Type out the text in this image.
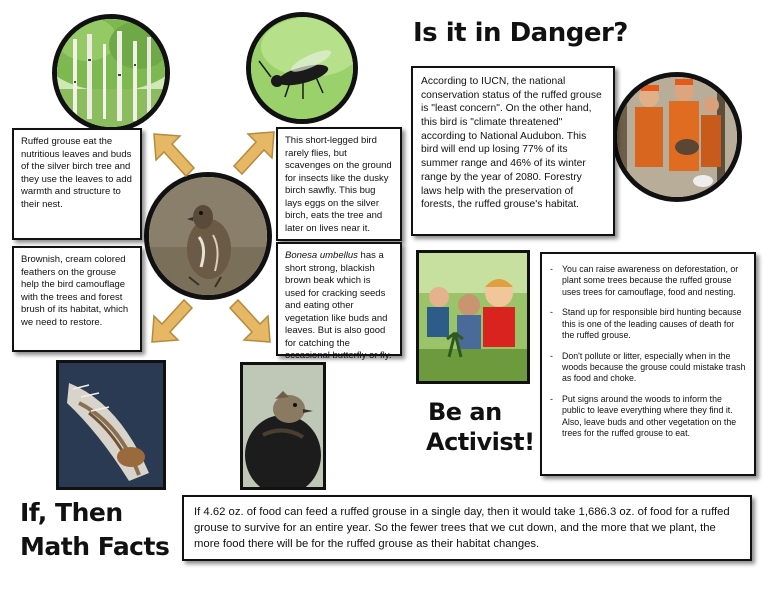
Is it in Danger?
Be an
Activist!
If, Then
Math Facts

Ruffed grouse eat the nutritious leaves and buds of the silver birch tree and they use the leaves to add warmth and structure to their nest.

This short-legged bird rarely flies, but scavenges on the ground for insects like the dusky birch sawfly. This bug lays eggs on the silver birch, eats the tree and later on lives near it.

Brownish, cream colored feathers on the grouse help the bird camouflage with the trees and forest brush of its habitat, which we need to restore.

Bonesa umbellus has a short strong, blackish brown beak which is used for cracking seeds and eating other vegetation like buds and leaves. But is also good for catching the occasional butterfly or fly.

According to IUCN, the national conservation status of the ruffed grouse is "least concern". On the other hand, this bird is "climate threatened" according to National Audubon. This bird will end up losing 77% of its summer range and 46% of its winter range by the year of 2080. Forestry laws help with the preservation of forests, the ruffed grouse's habitat.

- You can raise awareness on deforestation, or plant some trees because the ruffed grouse uses trees for camouflage, food and nesting.
- Stand up for responsible bird hunting because this is one of the leading causes of death for the ruffed grouse.
- Don't pollute or litter, especially when in the woods because the grouse could mistake trash as food and choke.
- Put signs around the woods to inform the public to leave everything where they find it. Also, leave buds and other vegetation on the trees for the ruffed grouse to eat.

If 4.62 oz. of food can feed a ruffed grouse in a single day, then it would take 1,686.3 oz. of food for a ruffed grouse to survive for an entire year. So the fewer trees that we cut down, and the more that we plant, the more food there will be for the ruffed grouse as their habitat changes.
